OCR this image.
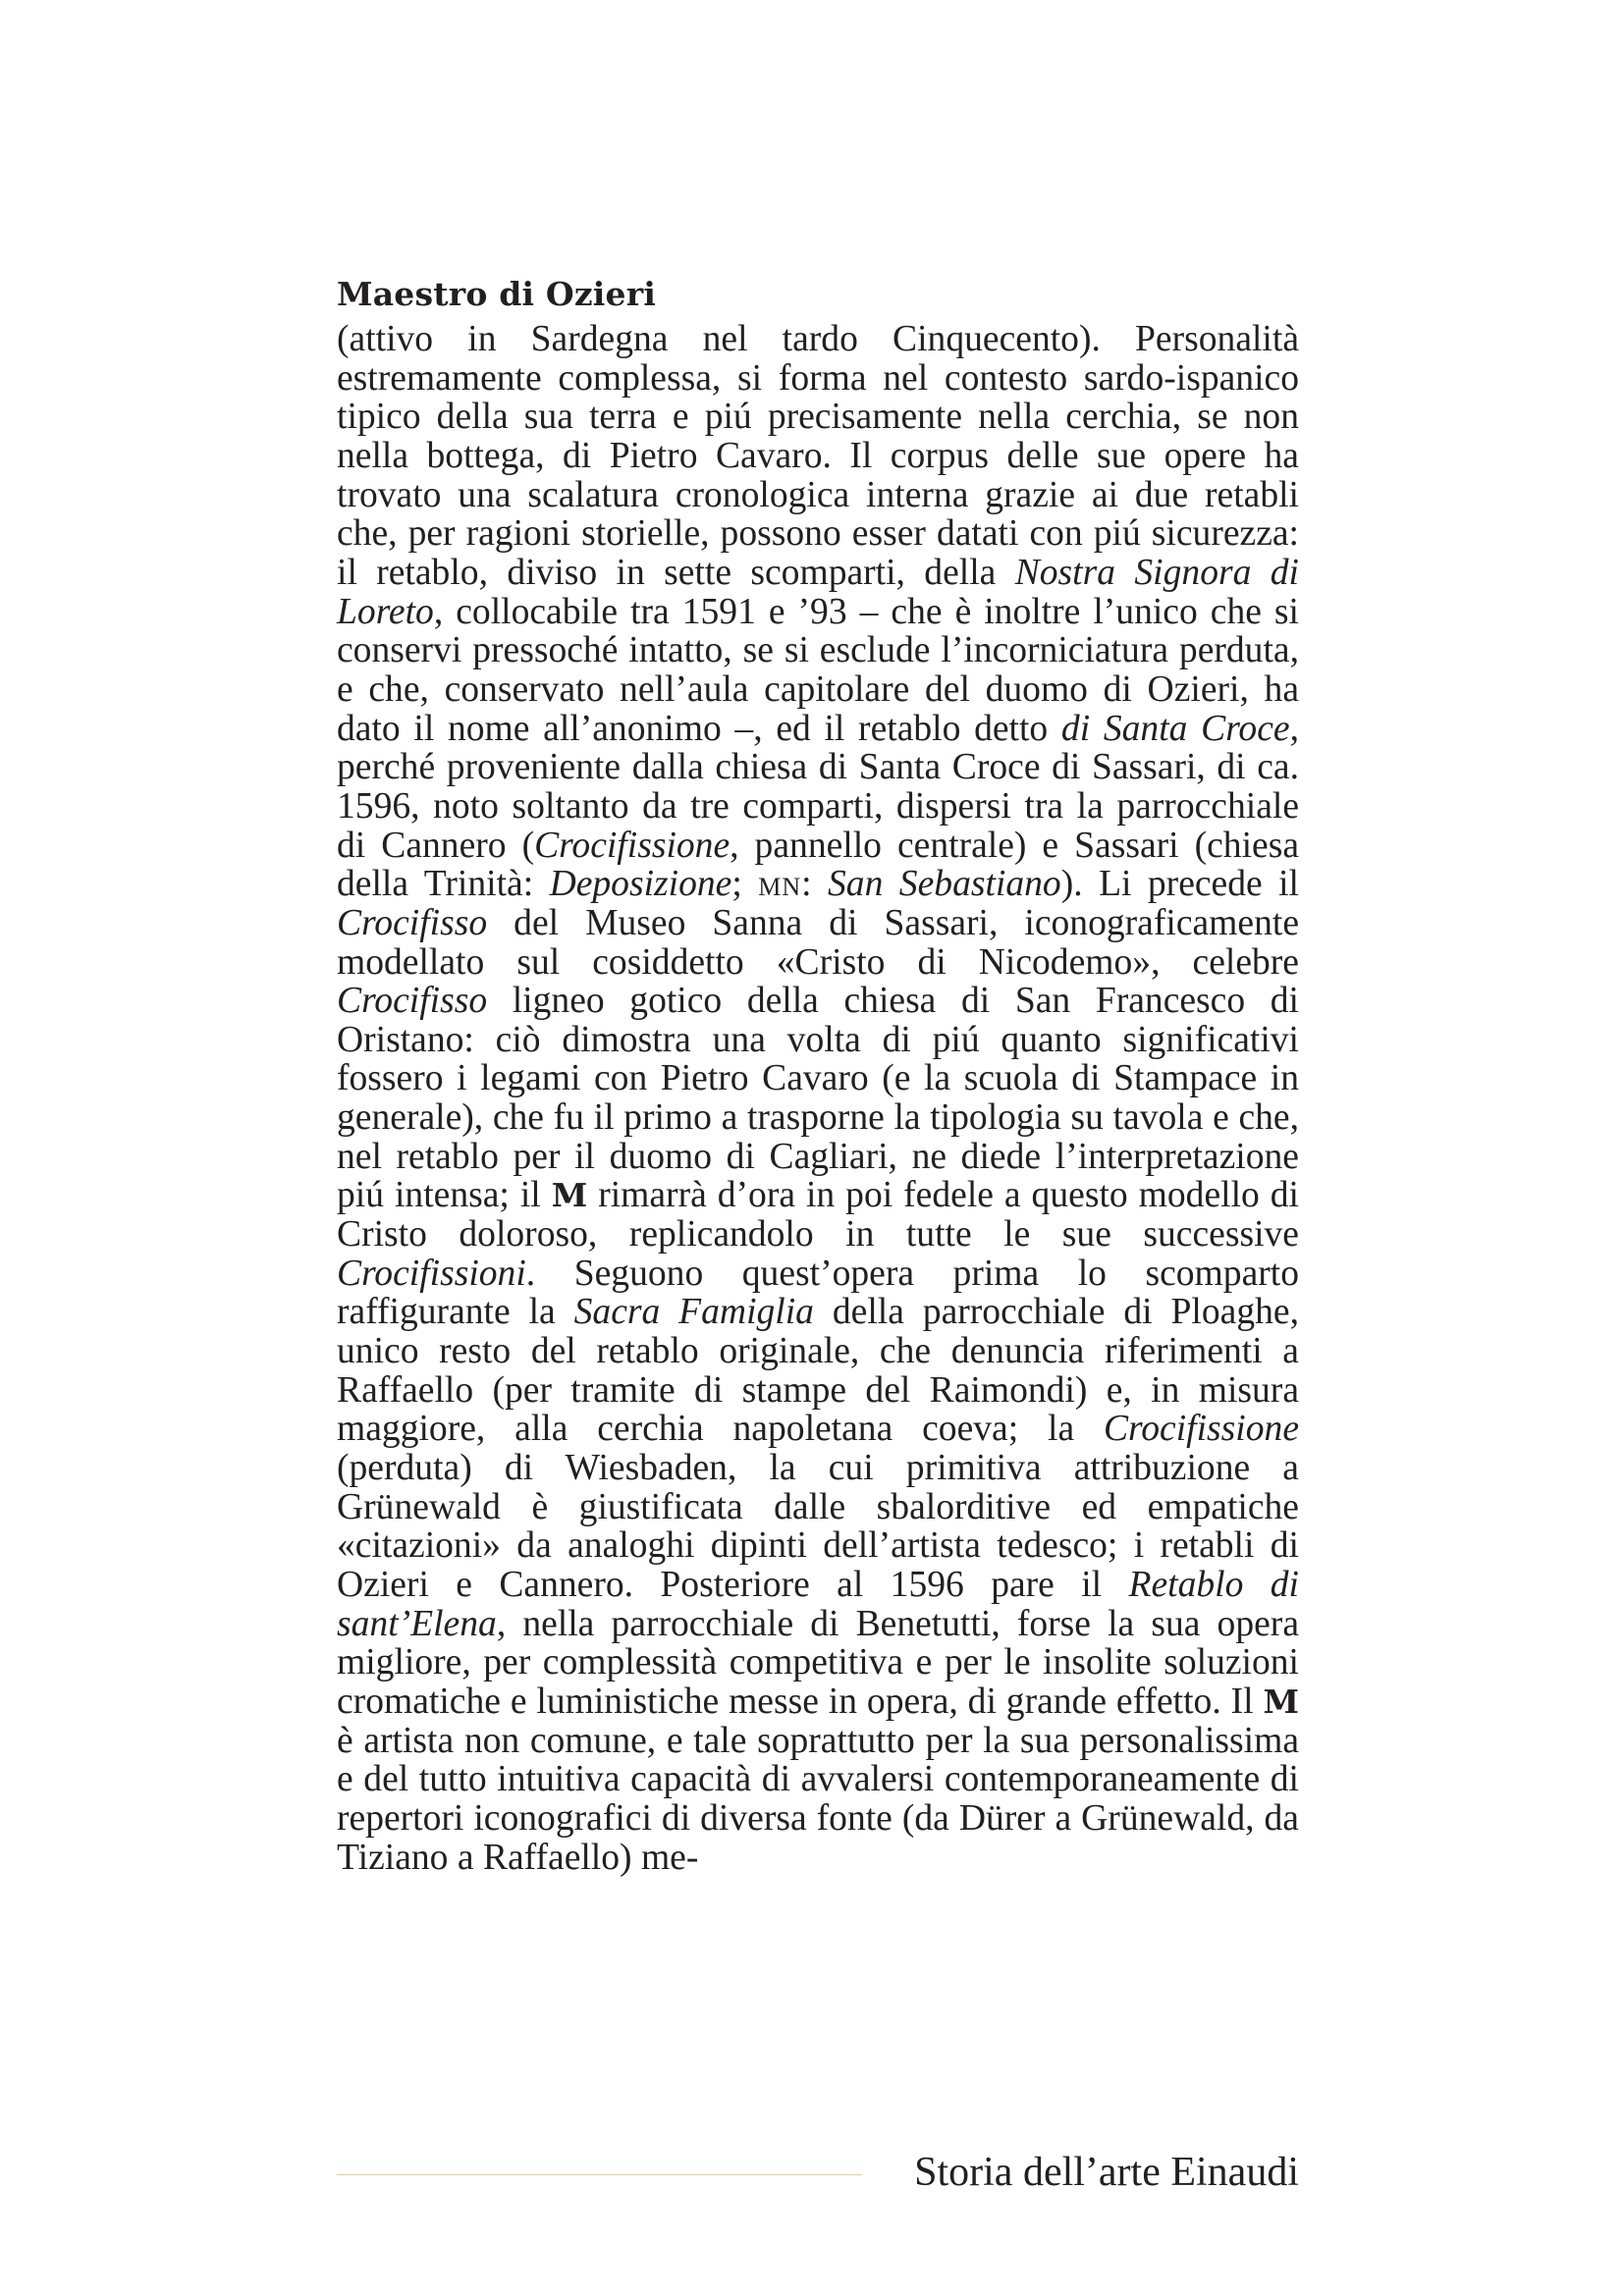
Maestro di Ozieri

(attivo in Sardegna nel tardo Cinquecento). Personalità estremamente complessa, si forma nel contesto sardo-ispanico tipico della sua terra e piú precisamente nella cerchia, se non nella bottega, di Pietro Cavaro. Il corpus delle sue opere ha trovato una scalatura cronologica interna grazie ai due retabli che, per ragioni storielle, possono esser datati con piú sicurezza: il retablo, diviso in sette scomparti, della Nostra Signora di Loreto, collocabile tra 1591 e ’93 – che è inoltre l’unico che si conservi pressoché intatto, se si esclude l’incorniciatura perduta, e che, conservato nell’aula capitolare del duomo di Ozieri, ha dato il nome all’anonimo –, ed il retablo detto di Santa Croce, perché proveniente dalla chiesa di Santa Croce di Sassari, di ca. 1596, noto soltanto da tre comparti, dispersi tra la parrocchiale di Cannero (Crocifissione, pannello centrale) e Sassari (chiesa della Trinità: Deposizione; mn: San Sebastiano). Li precede il Crocifisso del Museo Sanna di Sassari, iconograficamente modellato sul cosiddetto «Cristo di Nicodemo», celebre Crocifisso ligneo gotico della chiesa di San Francesco di Oristano: ciò dimostra una volta di piú quanto significativi fossero i legami con Pietro Cavaro (e la scuola di Stampace in generale), che fu il primo a trasporne la tipologia su tavola e che, nel retablo per il duomo di Cagliari, ne diede l’interpretazione piú intensa; il M rimarrà d’ora in poi fedele a questo modello di Cristo doloroso, replicandolo in tutte le sue successive Crocifissioni. Seguono quest’opera prima lo scomparto raffigurante la Sacra Famiglia della parrocchiale di Ploaghe, unico resto del retablo originale, che denuncia riferimenti a Raffaello (per tramite di stampe del Raimondi) e, in misura maggiore, alla cerchia napoletana coeva; la Crocifissione (perduta) di Wiesbaden, la cui primitiva attribuzione a Grünewald è giustificata dalle sbalorditive ed empatiche «citazioni» da analoghi dipinti dell’artista tedesco; i retabli di Ozieri e Cannero. Posteriore al 1596 pare il Retablo di sant’Elena, nella parrocchiale di Benetutti, forse la sua opera migliore, per complessità competitiva e per le insolite soluzioni cromatiche e luministiche messe in opera, di grande effetto. Il M è artista non comune, e tale soprattutto per la sua personalissima e del tutto intuitiva capacità di avvalersi contemporaneamente di repertori iconografici di diversa fonte (da Dürer a Grünewald, da Tiziano a Raffaello) me-

Storia dell’arte Einaudi
